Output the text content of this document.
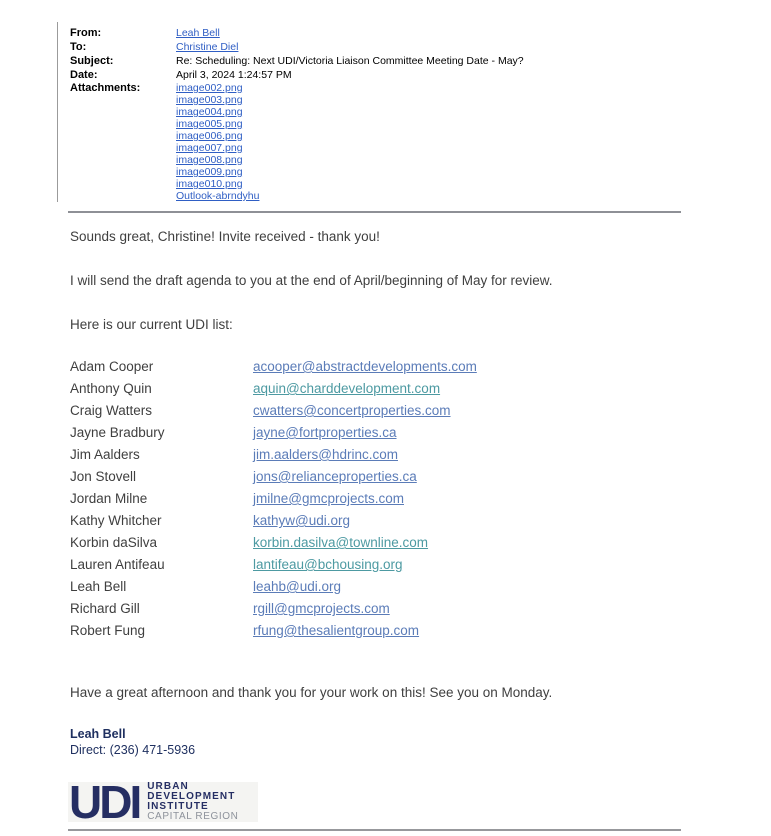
From:	Leah Bell
To:	Christine Diel
Subject:	Re: Scheduling: Next UDI/Victoria Liaison Committee Meeting Date - May?
Date:	April 3, 2024 1:24:57 PM
Attachments:	image002.png
image003.png
image004.png
image005.png
image006.png
image007.png
image008.png
image009.png
image010.png
Outlook-abrndyhu
Sounds great, Christine! Invite received - thank you!
I will send the draft agenda to you at the end of April/beginning of May for review.
Here is our current UDI list:
Adam Cooper	acooper@abstractdevelopments.com
Anthony Quin	aquin@charddevelopment.com
Craig Watters	cwatters@concertproperties.com
Jayne Bradbury	jayne@fortproperties.ca
Jim Aalders	jim.aalders@hdrinc.com
Jon Stovell	jons@relianceproperties.ca
Jordan Milne	jmilne@gmcprojects.com
Kathy Whitcher	kathyw@udi.org
Korbin daSilva	korbin.dasilva@townline.com
Lauren Antifeau	lantifeau@bchousing.org
Leah Bell	leahb@udi.org
Richard Gill	rgill@gmcprojects.com
Robert Fung	rfung@thesalientgroup.com
Have a great afternoon and thank you for your work on this! See you on Monday.
Leah Bell
Direct: (236) 471-5936
UDI URBAN
DEVELOPMENT
INSTITUTE
CAPITAL REGION
